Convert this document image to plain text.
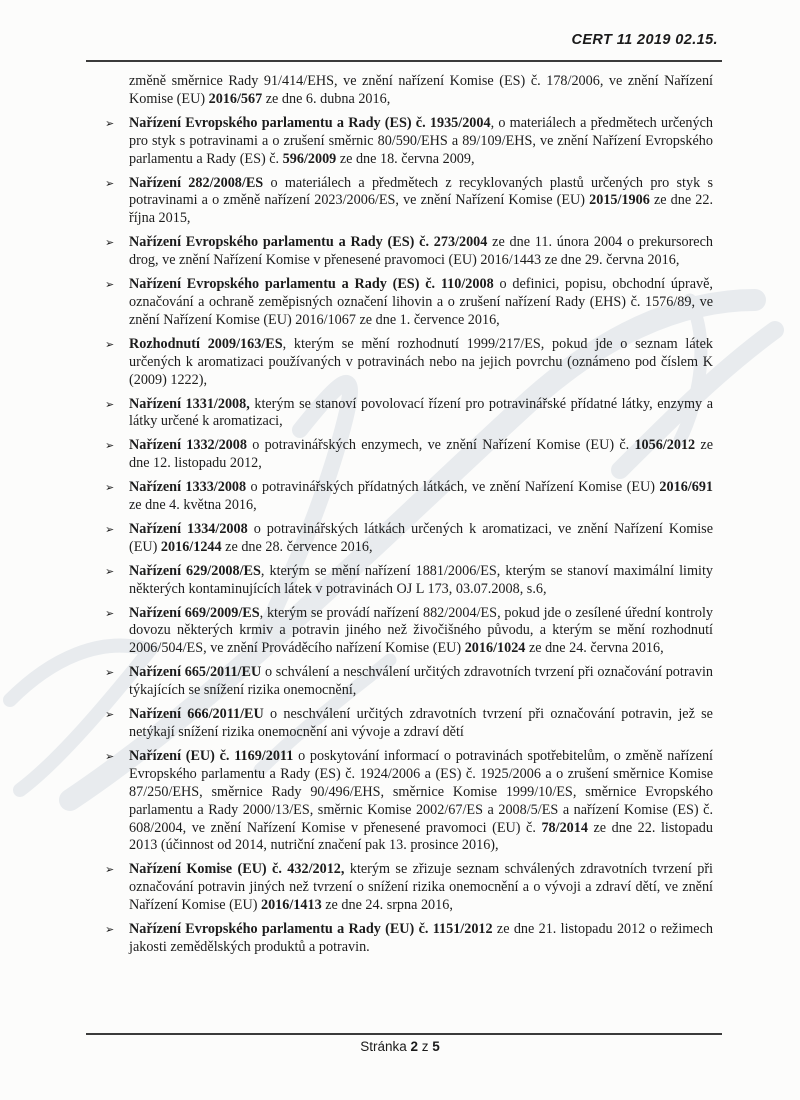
CERT 11 2019 02.15.

změně směrnice Rady 91/414/EHS, ve znění nařízení Komise (ES) č. 178/2006, ve znění Nařízení Komise (EU) 2016/567 ze dne 6. dubna 2016,

➢ Nařízení Evropského parlamentu a Rady (ES) č. 1935/2004, o materiálech a předmětech určených pro styk s potravinami a o zrušení směrnic 80/590/EHS a 89/109/EHS, ve znění Nařízení Evropského parlamentu a Rady (ES) č. 596/2009 ze dne 18. června 2009,

➢ Nařízení 282/2008/ES o materiálech a předmětech z recyklovaných plastů určených pro styk s potravinami a o změně nařízení 2023/2006/ES, ve znění Nařízení Komise (EU) 2015/1906 ze dne 22. října 2015,

➢ Nařízení Evropského parlamentu a Rady (ES) č. 273/2004 ze dne 11. února 2004 o prekursorech drog, ve znění Nařízení Komise v přenesené pravomoci (EU) 2016/1443 ze dne 29. června 2016,

➢ Nařízení Evropského parlamentu a Rady (ES) č. 110/2008 o definici, popisu, obchodní úpravě, označování a ochraně zeměpisných označení lihovin a o zrušení nařízení Rady (EHS) č. 1576/89, ve znění Nařízení Komise (EU) 2016/1067 ze dne 1. července 2016,

➢ Rozhodnutí 2009/163/ES, kterým se mění rozhodnutí 1999/217/ES, pokud jde o seznam látek určených k aromatizaci používaných v potravinách nebo na jejich povrchu (oznámeno pod číslem K (2009) 1222),

➢ Nařízení 1331/2008, kterým se stanoví povolovací řízení pro potravinářské přídatné látky, enzymy a látky určené k aromatizaci,

➢ Nařízení 1332/2008 o potravinářských enzymech, ve znění Nařízení Komise (EU) č. 1056/2012 ze dne 12. listopadu 2012,

➢ Nařízení 1333/2008 o potravinářských přídatných látkách, ve znění Nařízení Komise (EU) 2016/691 ze dne 4. května 2016,

➢ Nařízení 1334/2008 o potravinářských látkách určených k aromatizaci, ve znění Nařízení Komise (EU) 2016/1244 ze dne 28. července 2016,

➢ Nařízení 629/2008/ES, kterým se mění nařízení 1881/2006/ES, kterým se stanoví maximální limity některých kontaminujících látek v potravinách OJ L 173, 03.07.2008, s.6,

➢ Nařízení 669/2009/ES, kterým se provádí nařízení 882/2004/ES, pokud jde o zesílené úřední kontroly dovozu některých krmiv a potravin jiného než živočišného původu, a kterým se mění rozhodnutí 2006/504/ES, ve znění Prováděcího nařízení Komise (EU) 2016/1024 ze dne 24. června 2016,

➢ Nařízení 665/2011/EU o schválení a neschválení určitých zdravotních tvrzení při označování potravin týkajících se snížení rizika onemocnění,

➢ Nařízení 666/2011/EU o neschválení určitých zdravotních tvrzení při označování potravin, jež se netýkají snížení rizika onemocnění ani vývoje a zdraví dětí

➢ Nařízení (EU) č. 1169/2011 o poskytování informací o potravinách spotřebitelům, o změně nařízení Evropského parlamentu a Rady (ES) č. 1924/2006 a (ES) č. 1925/2006 a o zrušení směrnice Komise 87/250/EHS, směrnice Rady 90/496/EHS, směrnice Komise 1999/10/ES, směrnice Evropského parlamentu a Rady 2000/13/ES, směrnic Komise 2002/67/ES a 2008/5/ES a nařízení Komise (ES) č. 608/2004, ve znění Nařízení Komise v přenesené pravomoci (EU) č. 78/2014 ze dne 22. listopadu 2013 (účinnost od 2014, nutriční značení pak 13. prosince 2016),

➢ Nařízení Komise (EU) č. 432/2012, kterým se zřizuje seznam schválených zdravotních tvrzení při označování potravin jiných než tvrzení o snížení rizika onemocnění a o vývoji a zdraví dětí, ve znění Nařízení Komise (EU) 2016/1413 ze dne 24. srpna 2016,

➢ Nařízení Evropského parlamentu a Rady (EU) č. 1151/2012 ze dne 21. listopadu 2012 o režimech jakosti zemědělských produktů a potravin.

Stránka 2 z 5
